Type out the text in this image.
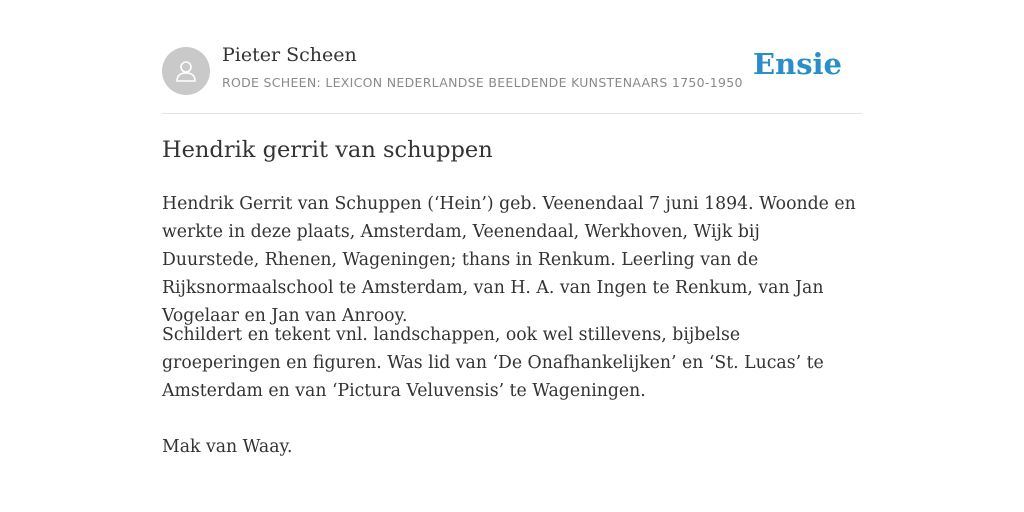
Pieter Scheen
RODE SCHEEN: LEXICON NEDERLANDSE BEELDENDE KUNSTENAARS 1750-1950
Ensie
Hendrik gerrit van schuppen

Hendrik Gerrit van Schuppen (‘Hein’) geb. Veenendaal 7 juni 1894. Woonde en werkte in deze plaats, Amsterdam, Veenendaal, Werkhoven, Wijk bij Duurstede, Rhenen, Wageningen; thans in Renkum. Leerling van de Rijksnormaalschool te Amsterdam, van H. A. van Ingen te Renkum, van Jan Vogelaar en Jan van Anrooy.

Schildert en tekent vnl. landschappen, ook wel stillevens, bijbelse groeperingen en figuren. Was lid van ‘De Onafhankelijken’ en ‘St. Lucas’ te Amsterdam en van ‘Pictura Veluvensis’ te Wageningen.

Mak van Waay.
